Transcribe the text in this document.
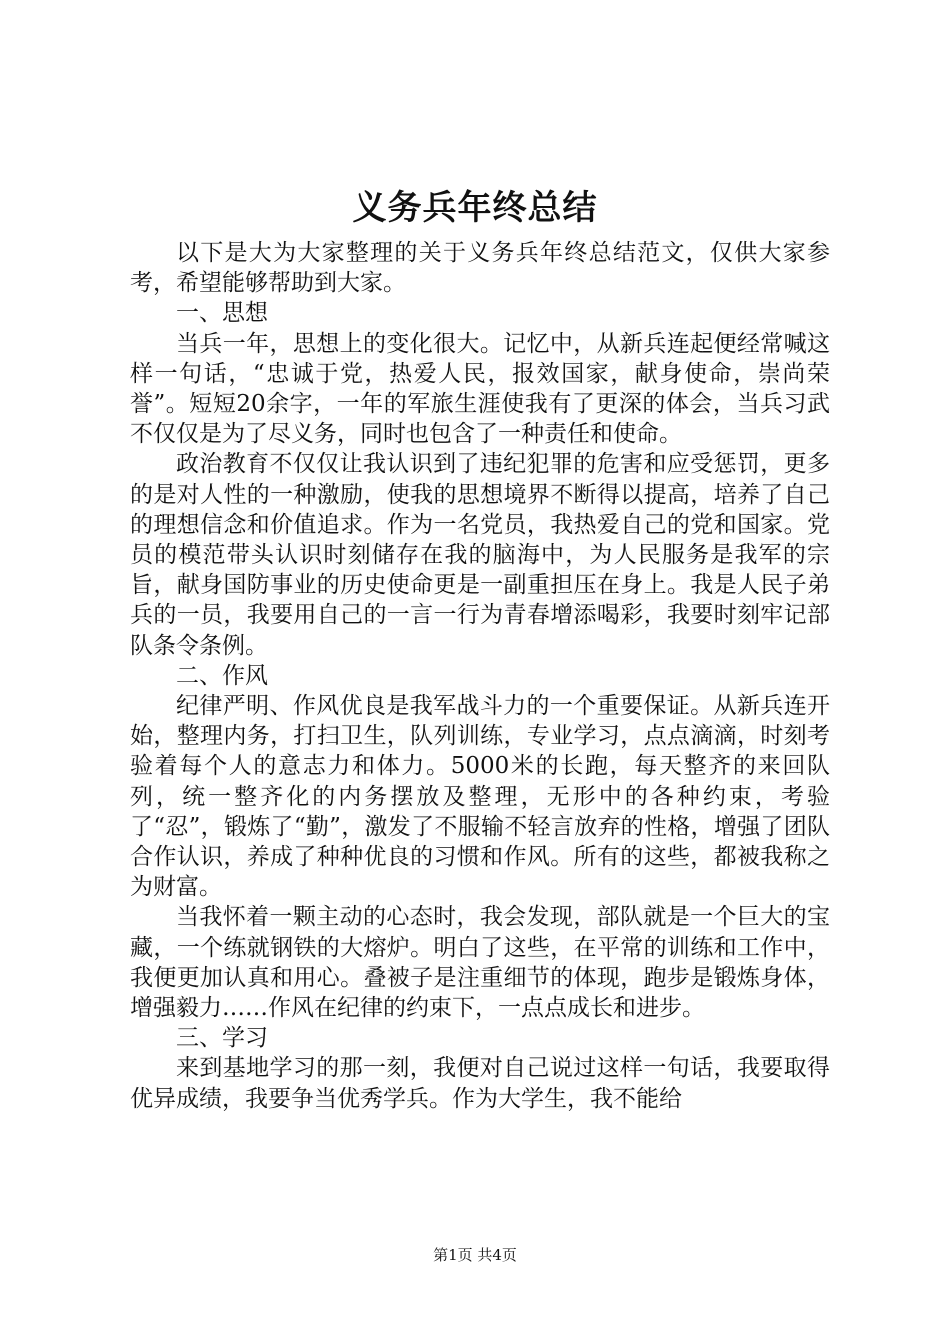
义务兵年终总结

以下是大为大家整理的关于义务兵年终总结范文，仅供大家参考，希望能够帮助到大家。

一、思想

当兵一年，思想上的变化很大。记忆中，从新兵连起便经常喊这样一句话，“忠诚于党，热爱人民，报效国家，献身使命，崇尚荣誉”。短短20余字，一年的军旅生涯使我有了更深的体会，当兵习武不仅仅是为了尽义务，同时也包含了一种责任和使命。

政治教育不仅仅让我认识到了违纪犯罪的危害和应受惩罚，更多的是对人性的一种激励，使我的思想境界不断得以提高，培养了自己的理想信念和价值追求。作为一名党员，我热爱自己的党和国家。党员的模范带头认识时刻储存在我的脑海中，为人民服务是我军的宗旨，献身国防事业的历史使命更是一副重担压在身上。我是人民子弟兵的一员，我要用自己的一言一行为青春增添喝彩，我要时刻牢记部队条令条例。

二、作风

纪律严明、作风优良是我军战斗力的一个重要保证。从新兵连开始，整理内务，打扫卫生，队列训练，专业学习，点点滴滴，时刻考验着每个人的意志力和体力。5000米的长跑，每天整齐的来回队列，统一整齐化的内务摆放及整理，无形中的各种约束，考验了“忍”，锻炼了“勤”，激发了不服输不轻言放弃的性格，增强了团队合作认识，养成了种种优良的习惯和作风。所有的这些，都被我称之为财富。

当我怀着一颗主动的心态时，我会发现，部队就是一个巨大的宝藏，一个练就钢铁的大熔炉。明白了这些，在平常的训练和工作中，我便更加认真和用心。叠被子是注重细节的体现，跑步是锻炼身体，增强毅力……作风在纪律的约束下，一点点成长和进步。

三、学习

来到基地学习的那一刻，我便对自己说过这样一句话，我要取得优异成绩，我要争当优秀学兵。作为大学生，我不能给

第1页 共4页
